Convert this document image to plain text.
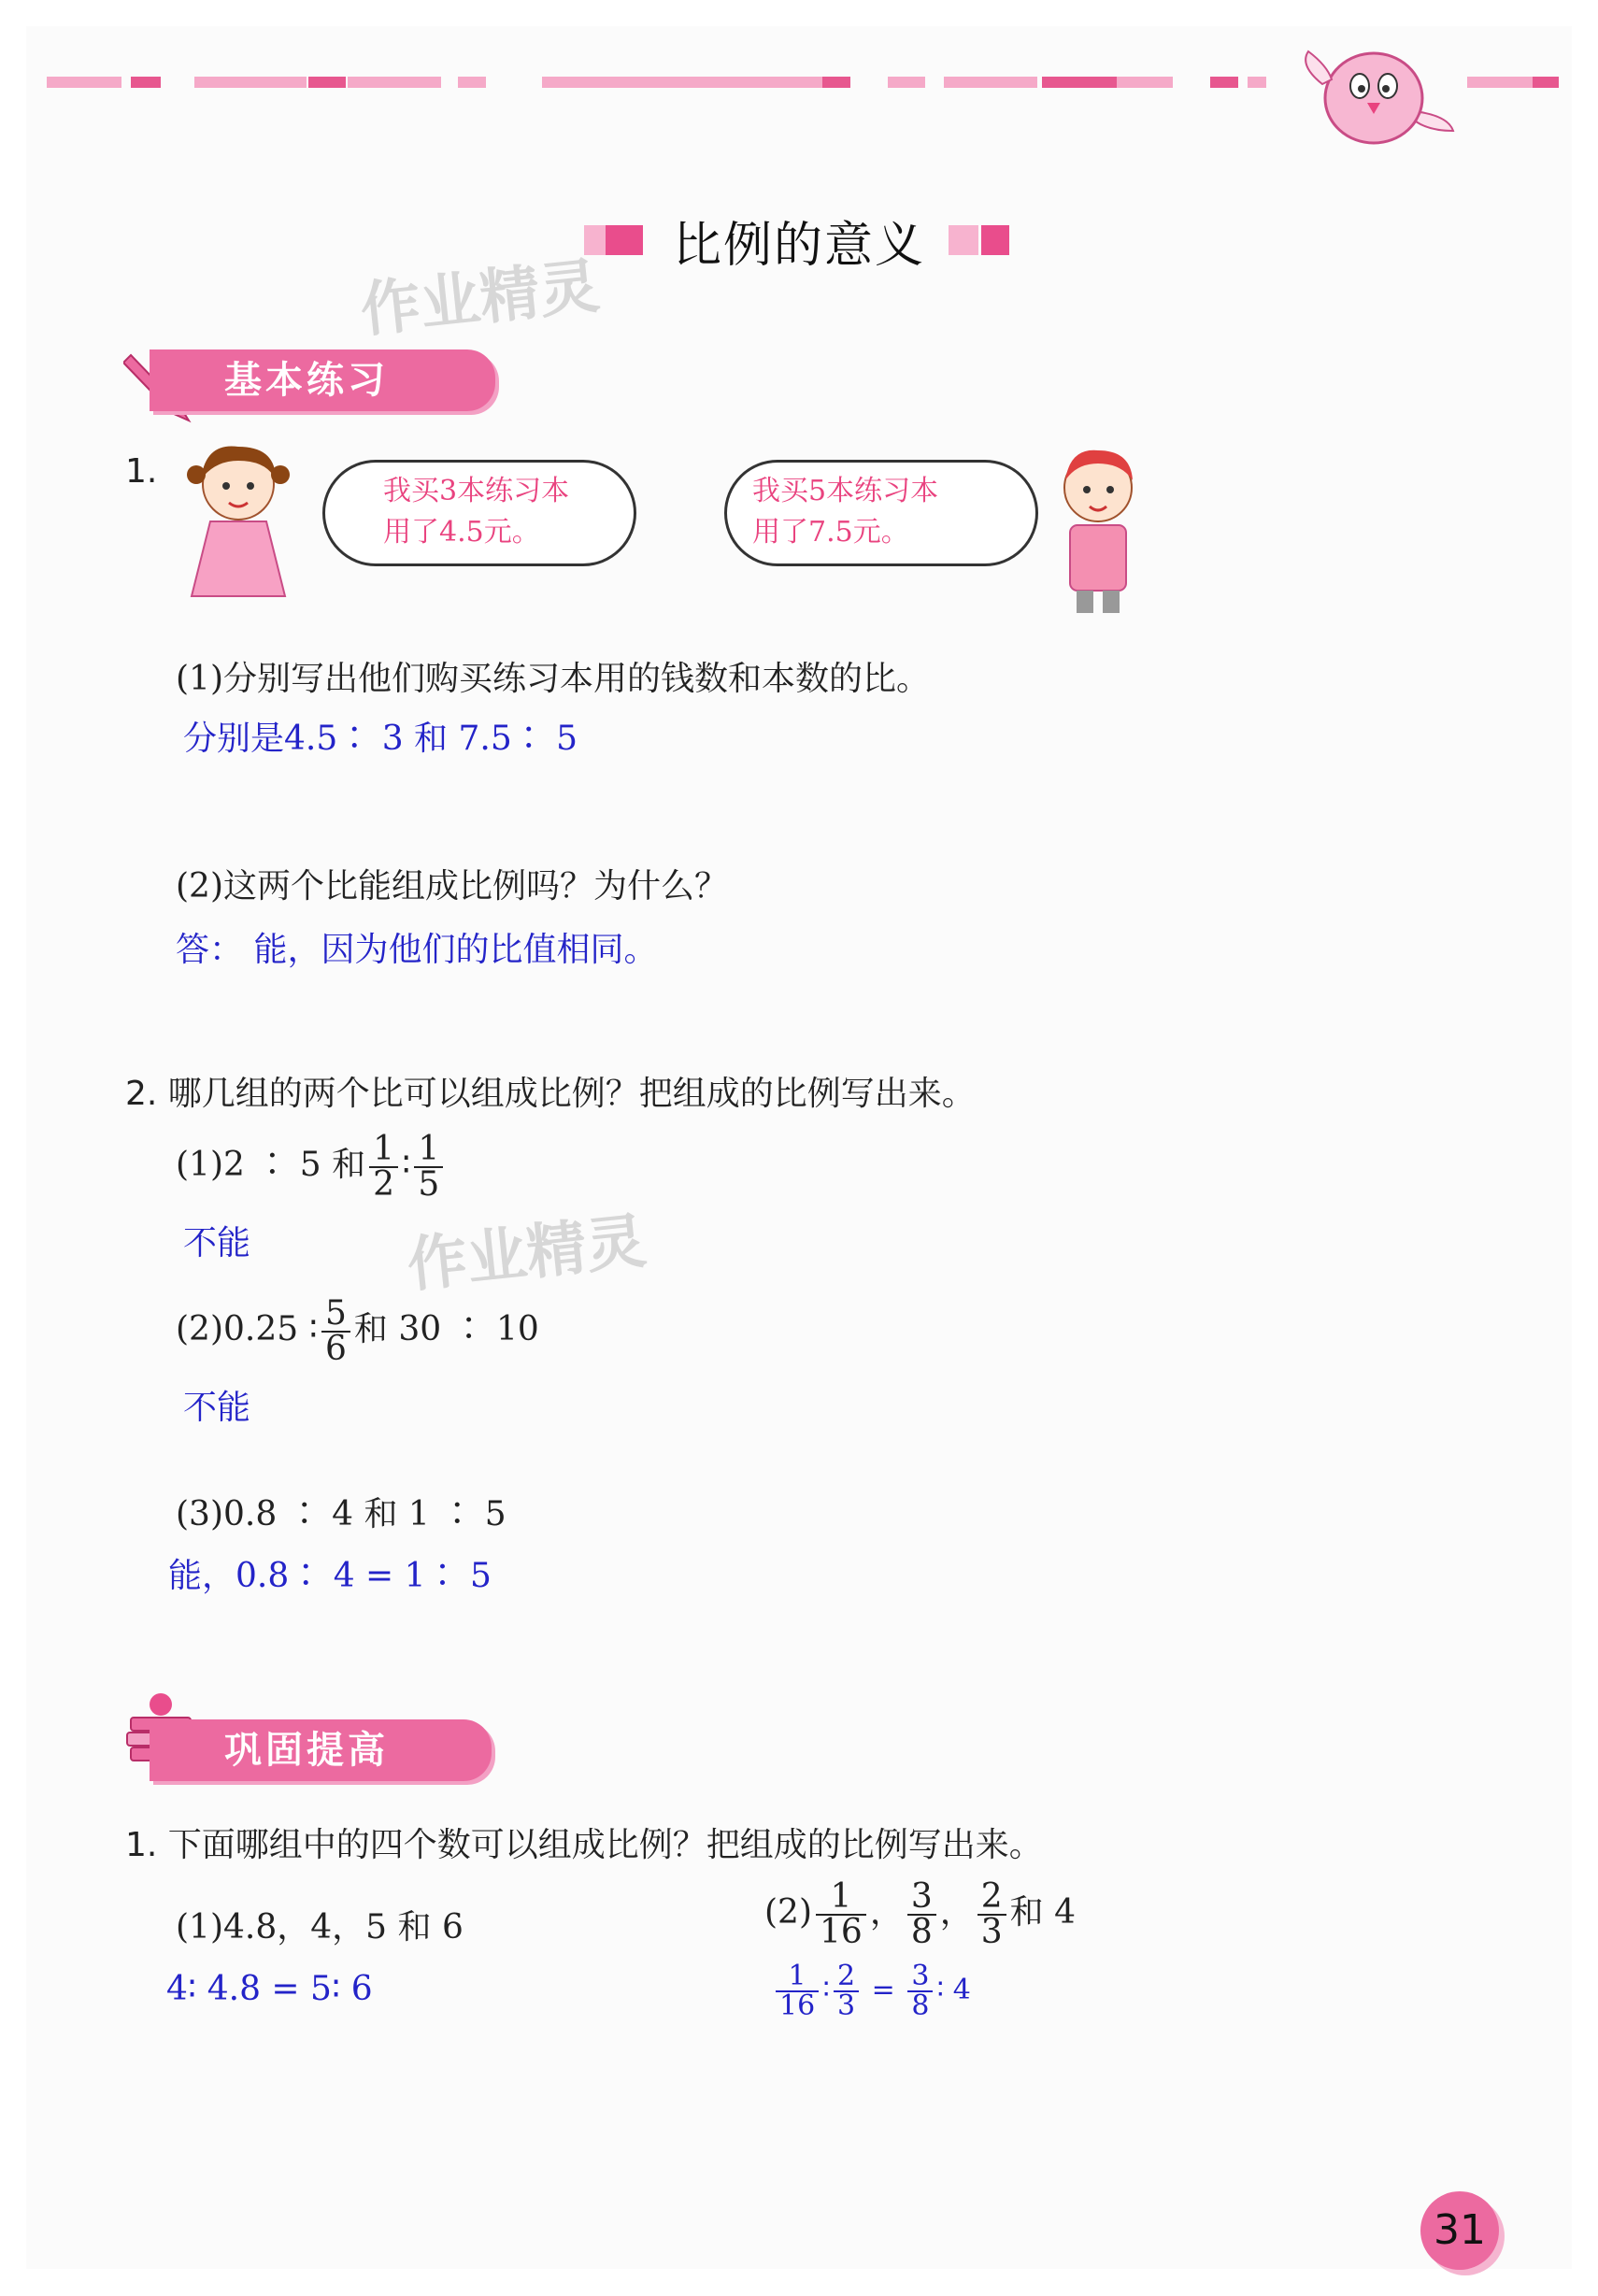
比例的意义
作业精灵
作业精灵
基本练习
1.
我买3本练习本
用了4.5元。
我买5本练习本
用了7.5元。
(1)分别写出他们购买练习本用的钱数和本数的比。
分别是4.5∶ 3 和 7.5∶ 5
(2)这两个比能组成比例吗？为什么？
答： 能，因为他们的比值相同。
2. 哪几组的两个比可以组成比例？把组成的比例写出来。
(1)2 ∶ 5 和 $\frac{1}{2}$ ∶ $\frac{1}{5}$
不能
(2)0.25 ∶ $\frac{5}{6}$ 和 30 ∶ 10
不能
(3)0.8 ∶ 4 和 1 ∶ 5
能，0.8∶ 4 = 1∶ 5
巩固提高
1. 下面哪组中的四个数可以组成比例？把组成的比例写出来。
(1)4.8，4，5 和 6
4∶ 4.8 = 5∶ 6
$(2) \frac{1}{16}$ ， $\frac{3}{8}$ ， $\frac{2}{3}$ 和 4
$\frac{1}{16}$ ∶ $\frac{2}{3} = \frac{3}{8}$ ∶ 4
31
